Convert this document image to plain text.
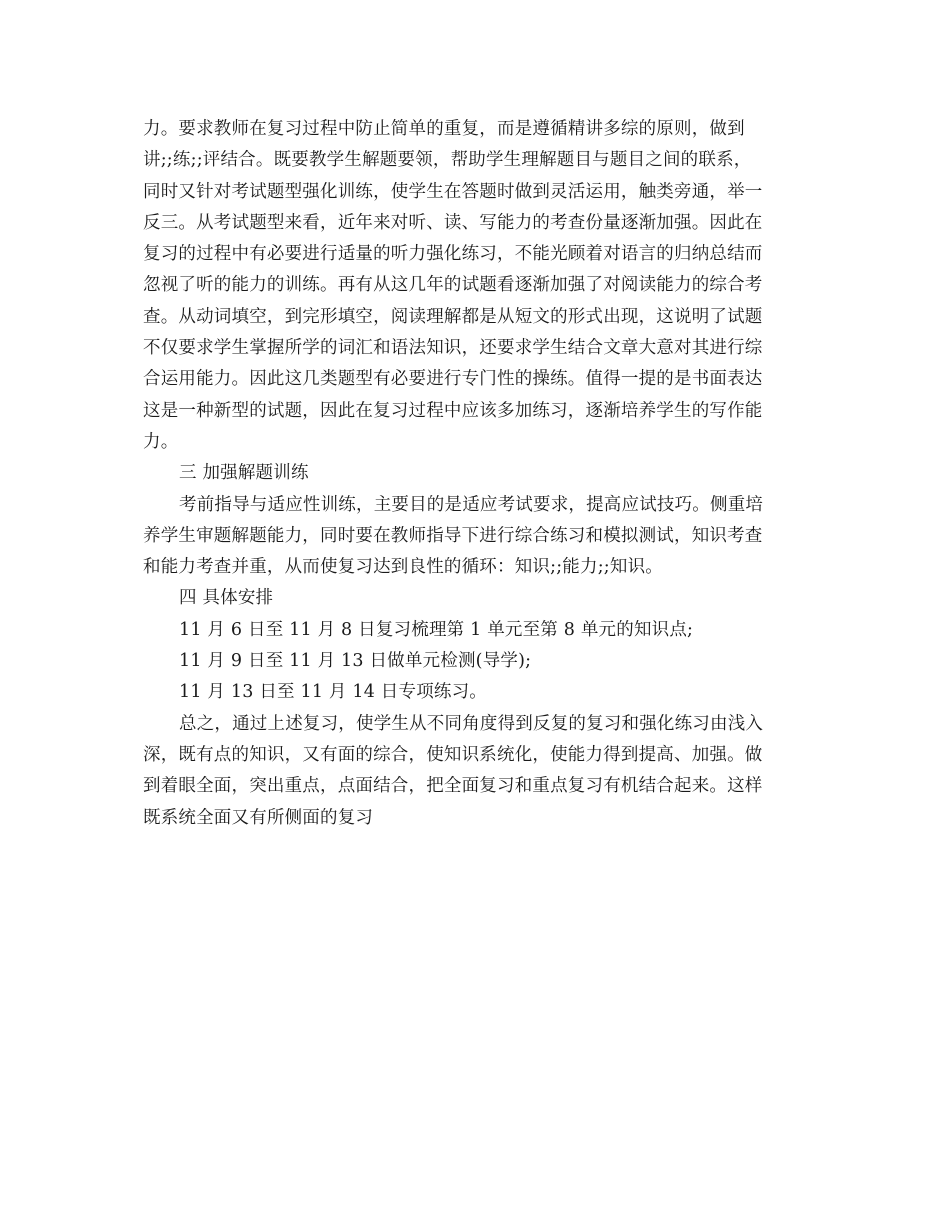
力。要求教师在复习过程中防止简单的重复，而是遵循精讲多综的原则，做到
讲;;练;;评结合。既要教学生解题要领，帮助学生理解题目与题目之间的联系，
同时又针对考试题型强化训练，使学生在答题时做到灵活运用，触类旁通，举一
反三。从考试题型来看，近年来对听、读、写能力的考查份量逐渐加强。因此在
复习的过程中有必要进行适量的听力强化练习，不能光顾着对语言的归纳总结而
忽视了听的能力的训练。再有从这几年的试题看逐渐加强了对阅读能力的综合考
查。从动词填空，到完形填空，阅读理解都是从短文的形式出现，这说明了试题
不仅要求学生掌握所学的词汇和语法知识，还要求学生结合文章大意对其进行综
合运用能力。因此这几类题型有必要进行专门性的操练。值得一提的是书面表达
这是一种新型的试题，因此在复习过程中应该多加练习，逐渐培养学生的写作能
力。
三 加强解题训练
考前指导与适应性训练，主要目的是适应考试要求，提高应试技巧。侧重培
养学生审题解题能力，同时要在教师指导下进行综合练习和模拟测试，知识考查
和能力考查并重，从而使复习达到良性的循环：知识;;能力;;知识。
四 具体安排
11 月 6 日至 11 月 8 日复习梳理第 1 单元至第 8 单元的知识点;
11 月 9 日至 11 月 13 日做单元检测(导学);
11 月 13 日至 11 月 14 日专项练习。
总之，通过上述复习，使学生从不同角度得到反复的复习和强化练习由浅入
深，既有点的知识，又有面的综合，使知识系统化，使能力得到提高、加强。做
到着眼全面，突出重点，点面结合，把全面复习和重点复习有机结合起来。这样
既系统全面又有所侧面的复习
